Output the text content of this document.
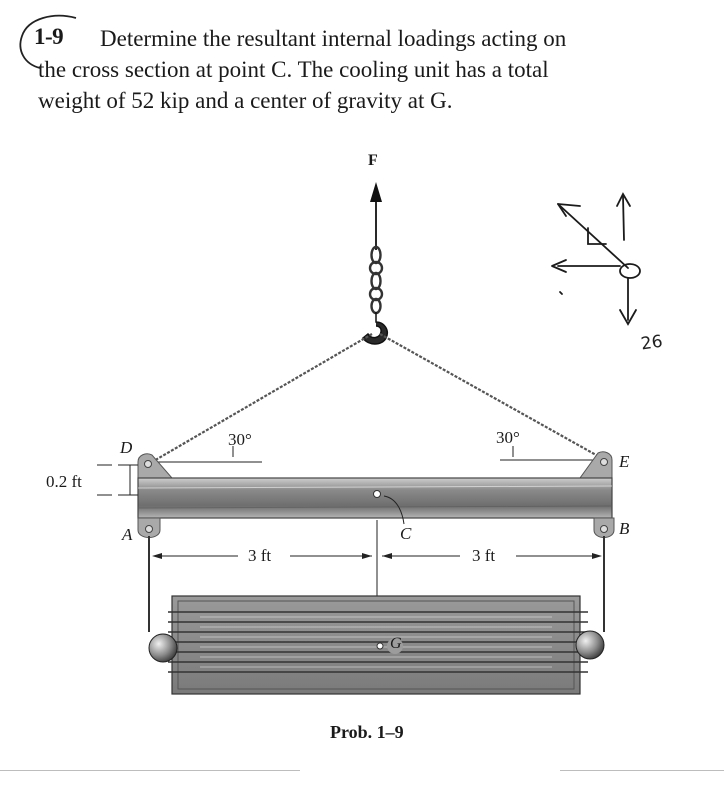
1-9 Determine the resultant internal loadings acting on
the cross section at point C. The cooling unit has a total
weight of 52 kip and a center of gravity at G.
F
D
E
A	B
C
G
30°	30°
3 ft	3 ft
0.2 ft
26
Prob. 1–9
